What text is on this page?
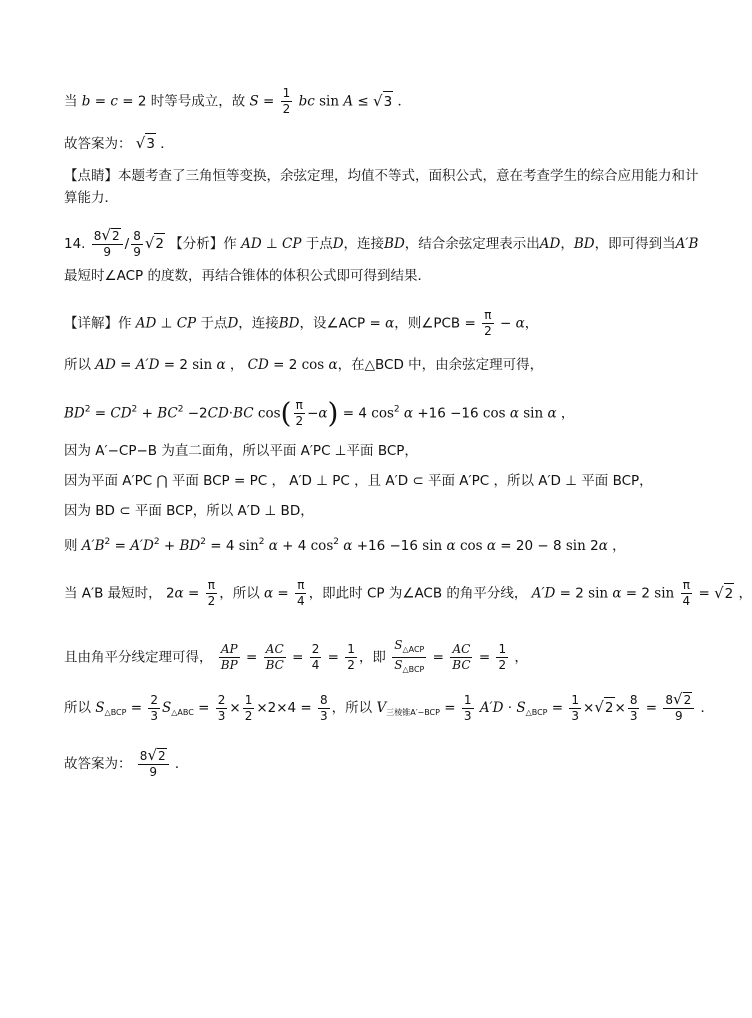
当 b = c = 2 时等号成立，故 $S = \frac{1}{2}$ bc sin A ≤ √ 3 ．
故答案为： √ 3 ．
【点睛】本题考查了三角恒等变换，余弦定理，均值不等式，面积公式，意在考查学生的综合应用能力和计
算能力．
14. $\frac{8 √ 2}{9} / \frac{8}{9}$ √ 2 【分析】作 AD ⊥ CP 于点D，连接BD，结合余弦定理表示出AD，BD，即可得到当A′B
最短时∠ACP 的度数，再结合锥体的体积公式即可得到结果．
【详解】作 AD ⊥ CP 于点D，连接BD，设∠ACP = α，则∠PCB = $\frac{\pi}{2} - \alpha$，
所以 AD = A′D = 2 sin α ， CD = 2 cos α，在△BCD 中，由余弦定理可得，
$BD^2 = CD^2 + BC^2 -2CD\cdot BC$ $\cos( \frac{\pi}{2} -\alpha) = 4$ $\cos^2 \alpha +16 -16$ cos α sin α ，
因为 A′−CP−B 为直二面角，所以平面 A′PC ⊥平面 BCP，
因为平面 A′PC ⋂ 平面 BCP = PC ， A′D ⊥ PC ，且 A′D ⊂ 平面 A′PC ，所以 A′D ⊥ 平面 BCP，
因为 BD ⊂ 平面 BCP，所以 A′D ⊥ BD，
则 $A'B^2 = A'D^2 + BD^2 = 4$ $\sin^2 \alpha + 4$ $\cos^2 \alpha +16 -16$ sin α cos α = 20 − 8 sin 2α ，
当 A′B 最短时， $2\alpha = \frac{\pi}{2}$ ，所以 $\alpha = \frac{\pi}{4}$ ，即此时 CP 为∠ACB 的角平分线， A′D = 2 sin α = 2 $\sin \frac{\pi}{4}$ = √ 2 ，
且由角平分线定理可得， $\frac{AP}{BP} = \frac{AC}{BC} = \frac{2}{4} = \frac{1}{2}$ ，即 $\frac{S_{\triangle ACP}}{S_{\triangle BCP}} = \frac{AC}{BC} = \frac{1}{2}$ ，
所以 $S_{\triangle BCP} = \frac{2}{3} S_{\triangle ABC} = \frac{2}{3} \times \frac{1}{2} \times 2\times 4 = \frac{8}{3}$ ，所以 $V_{三棱锥A'-BCP} = \frac{1}{3} A'D \cdot S_{\triangle BCP} = \frac{1}{3}$ × √ $2 \times \frac{8}{3} = \frac{8 √ 2}{9}$ ．
故答案为： $\frac{8 √ 2}{9}$ ．
